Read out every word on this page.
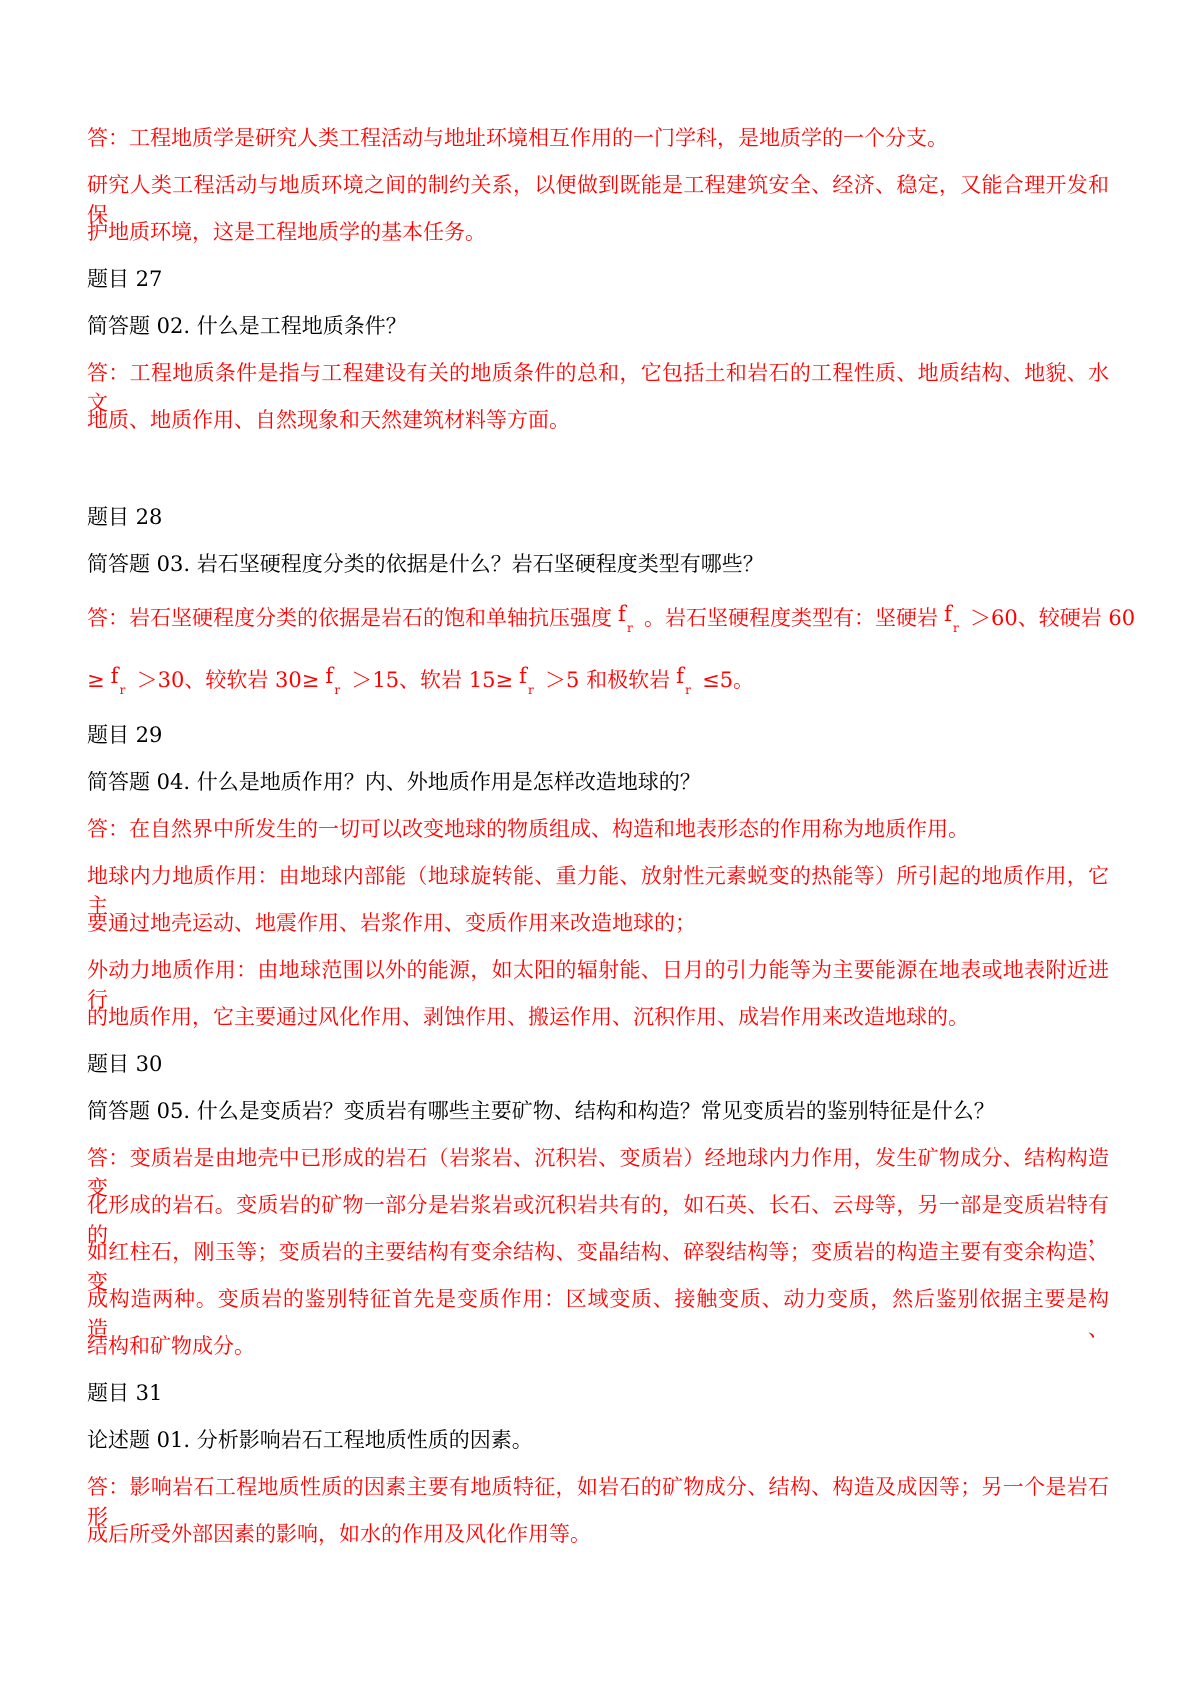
答：工程地质学是研究人类工程活动与地址环境相互作用的一门学科，是地质学的一个分支。
研究人类工程活动与地质环境之间的制约关系，以便做到既能是工程建筑安全、经济、稳定，又能合理开发和保
护地质环境，这是工程地质学的基本任务。
题目 27
简答题 02. 什么是工程地质条件？
答：工程地质条件是指与工程建设有关的地质条件的总和，它包括土和岩石的工程性质、地质结构、地貌、水文
地质、地质作用、自然现象和天然建筑材料等方面。
题目 28
简答题 03. 岩石坚硬程度分类的依据是什么？岩石坚硬程度类型有哪些？
答：岩石坚硬程度分类的依据是岩石的饱和单轴抗压强度 f
r 。岩石坚硬程度类型有：坚硬岩 f
r ＞60、较硬岩 60
≥ f
r ＞30、较软岩 30≥ f
r ＞15、软岩 15≥ f
r ＞5 和极软岩 f
r ≤5。
题目 29
简答题 04. 什么是地质作用？内、外地质作用是怎样改造地球的？
答：在自然界中所发生的一切可以改变地球的物质组成、构造和地表形态的作用称为地质作用。
地球内力地质作用：由地球内部能（地球旋转能、重力能、放射性元素蜕变的热能等）所引起的地质作用，它主
要通过地壳运动、地震作用、岩浆作用、变质作用来改造地球的；
外动力地质作用：由地球范围以外的能源，如太阳的辐射能、日月的引力能等为主要能源在地表或地表附近进行
的地质作用，它主要通过风化作用、剥蚀作用、搬运作用、沉积作用、成岩作用来改造地球的。
题目 30
简答题 05. 什么是变质岩？变质岩有哪些主要矿物、结构和构造？常见变质岩的鉴别特征是什么？
答：变质岩是由地壳中已形成的岩石（岩浆岩、沉积岩、变质岩）经地球内力作用，发生矿物成分、结构构造变
化形成的岩石。变质岩的矿物一部分是岩浆岩或沉积岩共有的，如石英、长石、云母等，另一部是变质岩特有的，
如红柱石，刚玉等；变质岩的主要结构有变余结构、变晶结构、碎裂结构等；变质岩的构造主要有变余构造、变
成构造两种。变质岩的鉴别特征首先是变质作用：区域变质、接触变质、动力变质，然后鉴别依据主要是构造、
结构和矿物成分。
题目 31
论述题 01. 分析影响岩石工程地质性质的因素。
答：影响岩石工程地质性质的因素主要有地质特征，如岩石的矿物成分、结构、构造及成因等；另一个是岩石形
成后所受外部因素的影响，如水的作用及风化作用等。
